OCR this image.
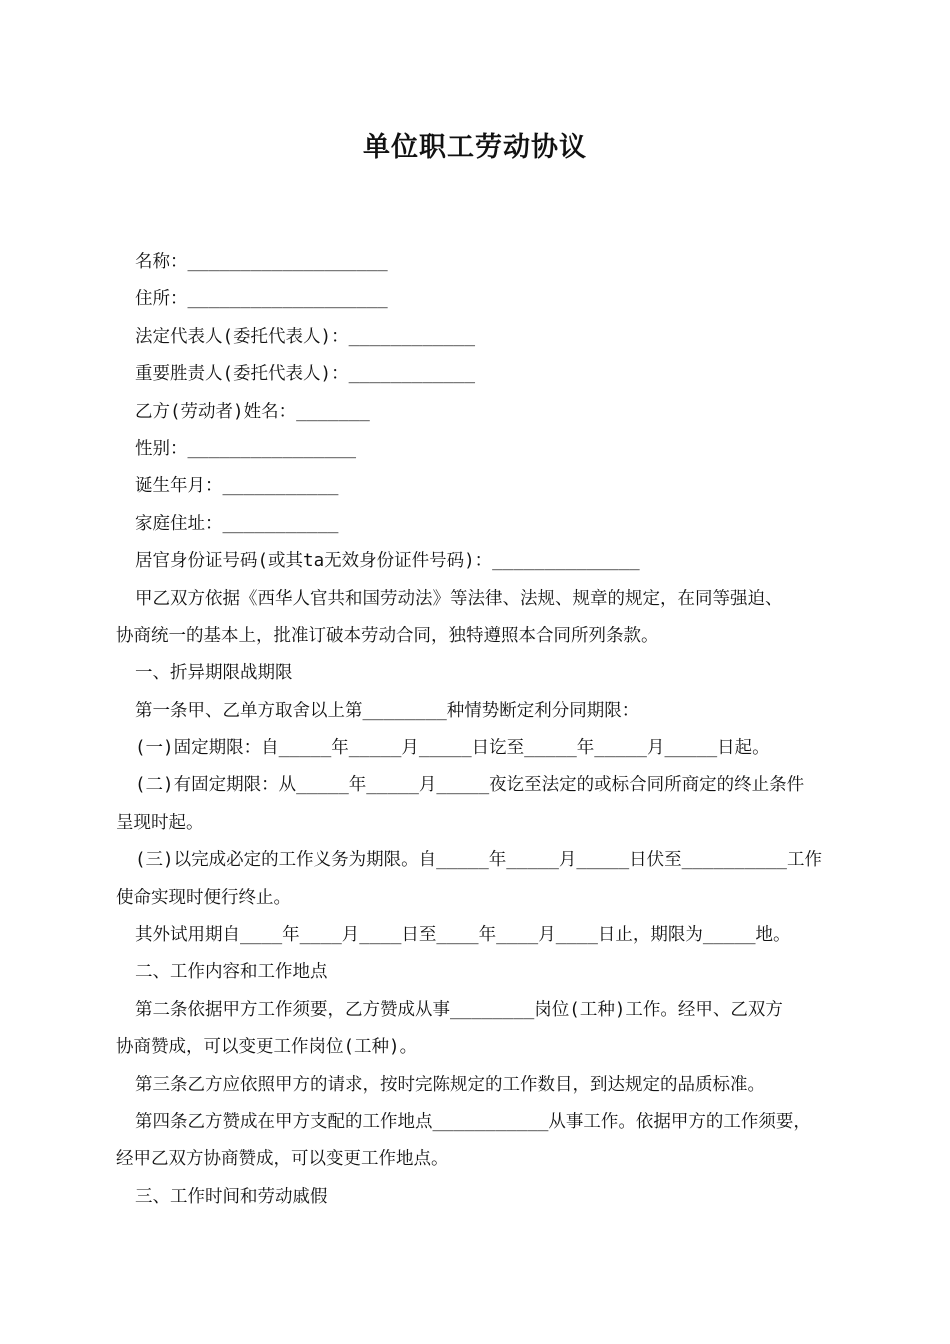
单位职工劳动协议
名称：___________________
住所：___________________
法定代表人(委托代表人)：____________
重要胜责人(委托代表人)：____________
乙方(劳动者)姓名：_______
性别：________________
诞生年月：___________
家庭住址：___________
居官身份证号码(或其ta无效身份证件号码)：______________
甲乙双方依据《西华人官共和国劳动法》等法律、法规、规章的规定，在同等强迫、
协商统一的基本上，批准订破本劳动合同，独特遵照本合同所列条款。
一、折异期限战期限
第一条甲、乙单方取舍以上第________种情势断定利分同期限：
(一)固定期限：自_____年_____月_____日讫至_____年_____月_____日起。
(二)有固定期限：从_____年_____月_____夜讫至法定的或标合同所商定的终止条件
呈现时起。
(三)以完成必定的工作义务为期限。自_____年_____月_____日伏至__________工作
使命实现时便行终止。
其外试用期自____年____月____日至____年____月____日止，期限为_____地。
二、工作内容和工作地点
第二条依据甲方工作须要，乙方赞成从事________岗位(工种)工作。经甲、乙双方
协商赞成，可以变更工作岗位(工种)。
第三条乙方应依照甲方的请求，按时完陈规定的工作数目，到达规定的品质标准。
第四条乙方赞成在甲方支配的工作地点___________从事工作。依据甲方的工作须要，
经甲乙双方协商赞成，可以变更工作地点。
三、工作时间和劳动戚假
